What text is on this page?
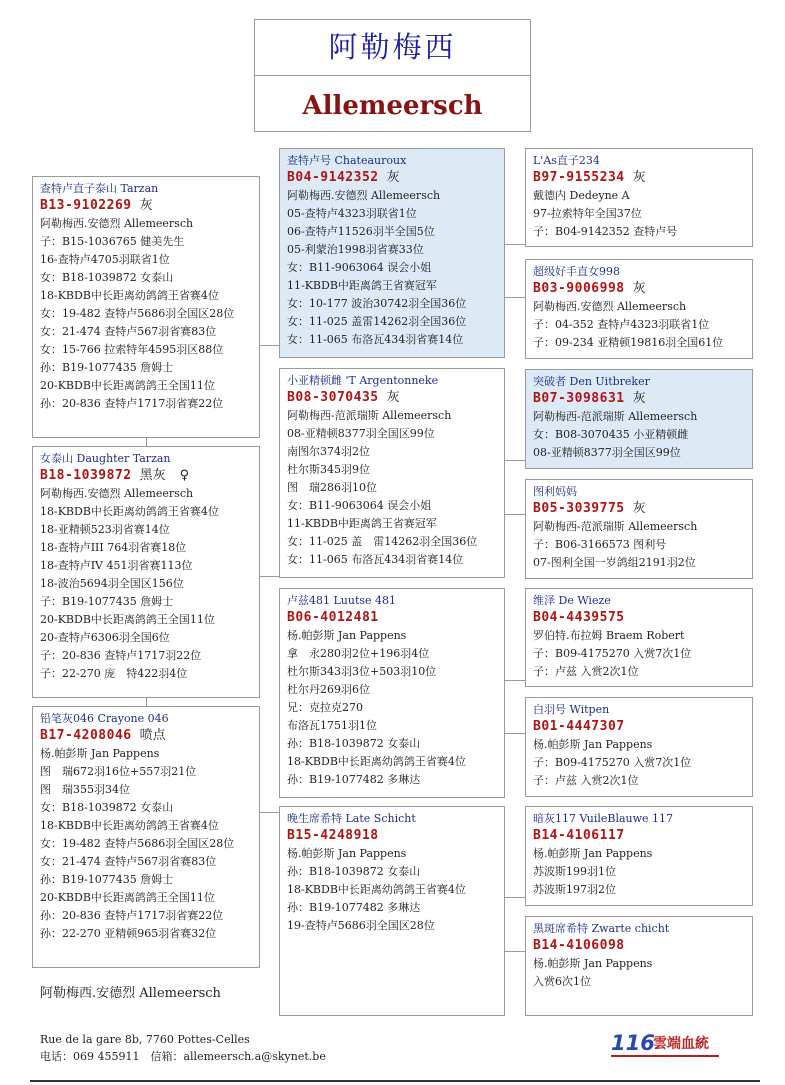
阿勒梅西
Allemeersch
查特卢直子泰山 Tarzan
B13-9102269 灰
阿勒梅西.安德烈 Allemeersch
子：B15-1036765 健美先生
16-查特卢4705羽联省1位
女：B18-1039872 女泰山
18-KBDB中长距离幼鸽鸽王省赛4位
女：19-482 查特卢5686羽全国区28位
女：21-474 查特卢567羽省赛83位
女：15-766 拉索特年4595羽区88位
孙：B19-1077435 詹姆士
20-KBDB中长距离鸽鸽王全国11位
孙：20-836 查特卢1717羽省赛22位
女泰山 Daughter Tarzan
B18-1039872 黑灰 ♀
阿勒梅西.安德烈 Allemeersch
18-KBDB中长距离幼鸽鸽王省赛4位
18-亚精顿523羽省赛14位
18-查特卢III 764羽省赛18位
18-查特卢IV 451羽省赛113位
18-波治5694羽全国区156位
子：B19-1077435 詹姆士
20-KBDB中长距离鸽鸽王全国11位
20-查特卢6306羽全国6位
子：20-836 查特卢1717羽22位
子：22-270 庞　特422羽4位
铅笔灰046 Crayone 046
B17-4208046 喷点
杨.帕彭斯 Jan Pappens
图　瑞672羽16位+557羽21位
图　瑞355羽34位
女：B18-1039872 女泰山
18-KBDB中长距离幼鸽鸽王省赛4位
女：19-482 查特卢5686羽全国区28位
女：21-474 查特卢567羽省赛83位
孙：B19-1077435 詹姆士
20-KBDB中长距离鸽鸽王全国11位
孙：20-836 查特卢1717羽省赛22位
孙：22-270 亚精顿965羽省赛32位
查特卢号 Chateauroux
B04-9142352 灰
阿勒梅西.安德烈 Allemeersch
05-查特卢4323羽联省1位
06-查特卢11526羽半全国5位
05-利蒙治1998羽省赛33位
女：B11-9063064 误会小姐
11-KBDB中距离鸽王省赛冠军
女：10-177 波治30742羽全国36位
女：11-025 盖雷14262羽全国36位
女：11-065 布洛瓦434羽省赛14位
小亚精顿雌 'T Argentonneke
B08-3070435 灰
阿勒梅西-范派瑞斯 Allemeersch
08-亚精顿8377羽全国区99位
南图尔374羽2位
杜尔斯345羽9位
图　瑞286羽10位
女：B11-9063064 误会小姐
11-KBDB中距离鸽王省赛冠军
女：11-025 盖　雷14262羽全国36位
女：11-065 布洛瓦434羽省赛14位
卢兹481 Luutse 481
B06-4012481
杨.帕彭斯 Jan Pappens
拿　永280羽2位+196羽4位
杜尔斯343羽3位+503羽10位
杜尔丹269羽6位
兄：克拉克270
布洛瓦1751羽1位
孙：B18-1039872 女泰山
18-KBDB中长距离幼鸽鸽王省赛4位
孙：B19-1077482 多琳达
晚生席希特 Late Schicht
B15-4248918
杨.帕彭斯 Jan Pappens
孙：B18-1039872 女泰山
18-KBDB中长距离幼鸽鸽王省赛4位
孙：B19-1077482 多琳达
19-查特卢5686羽全国区28位
L'As直子234
B97-9155234 灰
戴德内 Dedeyne A
97-拉索特年全国37位
子：B04-9142352 查特卢号
超级好手直女998
B03-9006998 灰
阿勒梅西.安德烈 Allemeersch
子：04-352 查特卢4323羽联省1位
子：09-234 亚精顿19816羽全国61位
突破者 Den Uitbreker
B07-3098631 灰
阿勒梅西-范派瑞斯 Allemeersch
女：B08-3070435 小亚精顿雌
08-亚精顿8377羽全国区99位
图利妈妈
B05-3039775 灰
阿勒梅西-范派瑞斯 Allemeersch
子：B06-3166573 图利号
07-图利全国一岁鸽组2191羽2位
维泽 De Wieze
B04-4439575
罗伯特.布拉姆 Braem Robert
子：B09-4175270 入赏7次1位
子：卢兹 入赏2次1位
白羽号 Witpen
B01-4447307
杨.帕彭斯 Jan Pappens
子：B09-4175270 入赏7次1位
子：卢兹 入赏2次1位
暗灰117 VuileBlauwe 117
B14-4106117
杨.帕彭斯 Jan Pappens
苏波斯199羽1位
苏波斯197羽2位
黑斑席希特 Zwarte chicht
B14-4106098
杨.帕彭斯 Jan Pappens
入赏6次1位
阿勒梅西.安德烈 Allemeersch
Rue de la gare 8b, 7760 Pottes-Celles
电话：069 455911　信箱：allemeersch.a@skynet.be
116
雲端血統
